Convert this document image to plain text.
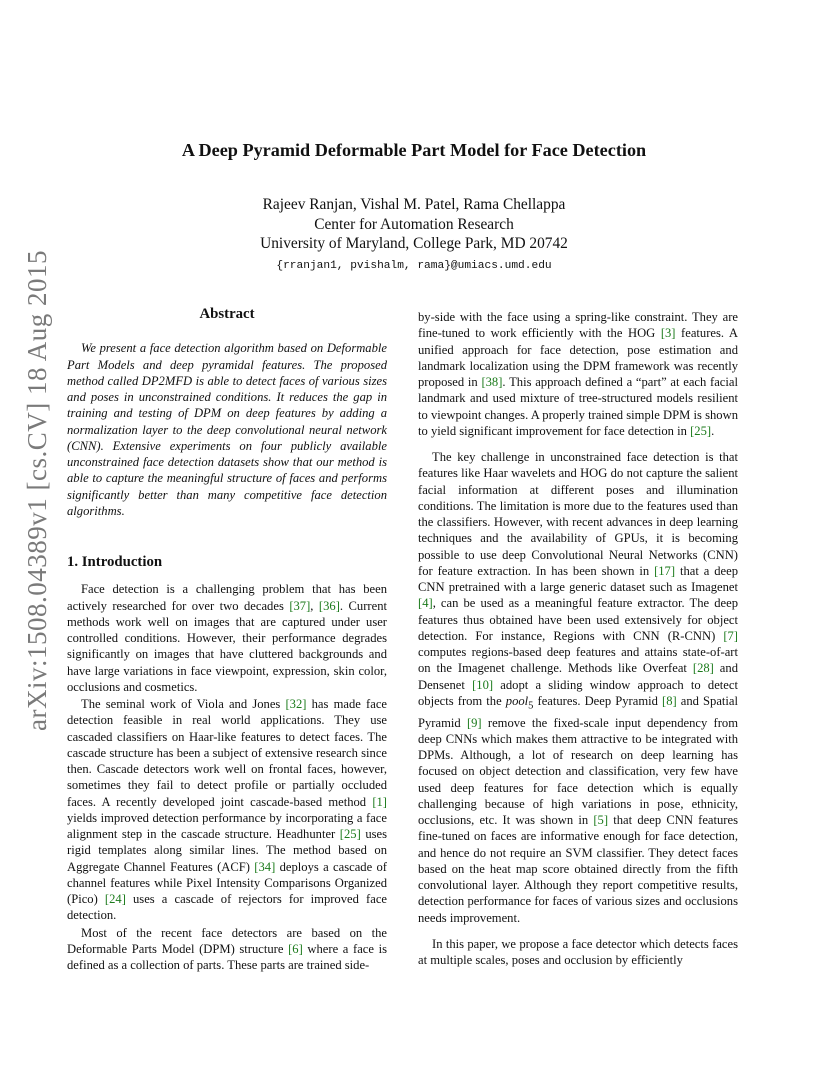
arXiv:1508.04389v1 [cs.CV] 18 Aug 2015
A Deep Pyramid Deformable Part Model for Face Detection
Rajeev Ranjan, Vishal M. Patel, Rama Chellappa
Center for Automation Research
University of Maryland, College Park, MD 20742
{rranjan1, pvishalm, rama}@umiacs.umd.edu
Abstract

We present a face detection algorithm based on Deformable Part Models and deep pyramidal features. The proposed method called DP2MFD is able to detect faces of various sizes and poses in unconstrained conditions. It reduces the gap in training and testing of DPM on deep features by adding a normalization layer to the deep convolutional neural network (CNN). Extensive experiments on four publicly available unconstrained face detection datasets show that our method is able to capture the meaningful structure of faces and performs significantly better than many competitive face detection algorithms.

1. Introduction

Face detection is a challenging problem that has been actively researched for over two decades [37], [36]. Current methods work well on images that are captured under user controlled conditions. However, their performance degrades significantly on images that have cluttered backgrounds and have large variations in face viewpoint, expression, skin color, occlusions and cosmetics.

The seminal work of Viola and Jones [32] has made face detection feasible in real world applications. They use cascaded classifiers on Haar-like features to detect faces. The cascade structure has been a subject of extensive research since then. Cascade detectors work well on frontal faces, however, sometimes they fail to detect profile or partially occluded faces. A recently developed joint cascade-based method [1] yields improved detection performance by incorporating a face alignment step in the cascade structure. Headhunter [25] uses rigid templates along similar lines. The method based on Aggregate Channel Features (ACF) [34] deploys a cascade of channel features while Pixel Intensity Comparisons Organized (Pico) [24] uses a cascade of rejectors for improved face detection.

Most of the recent face detectors are based on the Deformable Parts Model (DPM) structure [6] where a face is defined as a collection of parts. These parts are trained side-

by-side with the face using a spring-like constraint. They are fine-tuned to work efficiently with the HOG [3] features. A unified approach for face detection, pose estimation and landmark localization using the DPM framework was recently proposed in [38]. This approach defined a “part” at each facial landmark and used mixture of tree-structured models resilient to viewpoint changes. A properly trained simple DPM is shown to yield significant improvement for face detection in [25].

The key challenge in unconstrained face detection is that features like Haar wavelets and HOG do not capture the salient facial information at different poses and illumination conditions. The limitation is more due to the features used than the classifiers. However, with recent advances in deep learning techniques and the availability of GPUs, it is becoming possible to use deep Convolutional Neural Networks (CNN) for feature extraction. In has been shown in [17] that a deep CNN pretrained with a large generic dataset such as Imagenet [4], can be used as a meaningful feature extractor. The deep features thus obtained have been used extensively for object detection. For instance, Regions with CNN (R-CNN) [7] computes regions-based deep features and attains state-of-art on the Imagenet challenge. Methods like Overfeat [28] and Densenet [10] adopt a sliding window approach to detect objects from the pool$_5$ features. Deep Pyramid [8] and Spatial Pyramid [9] remove the fixed-scale input dependency from deep CNNs which makes them attractive to be integrated with DPMs. Although, a lot of research on deep learning has focused on object detection and classification, very few have used deep features for face detection which is equally challenging because of high variations in pose, ethnicity, occlusions, etc. It was shown in [5] that deep CNN features fine-tuned on faces are informative enough for face detection, and hence do not require an SVM classifier. They detect faces based on the heat map score obtained directly from the fifth convolutional layer. Although they report competitive results, detection performance for faces of various sizes and occlusions needs improvement.

In this paper, we propose a face detector which detects faces at multiple scales, poses and occlusion by efficiently
